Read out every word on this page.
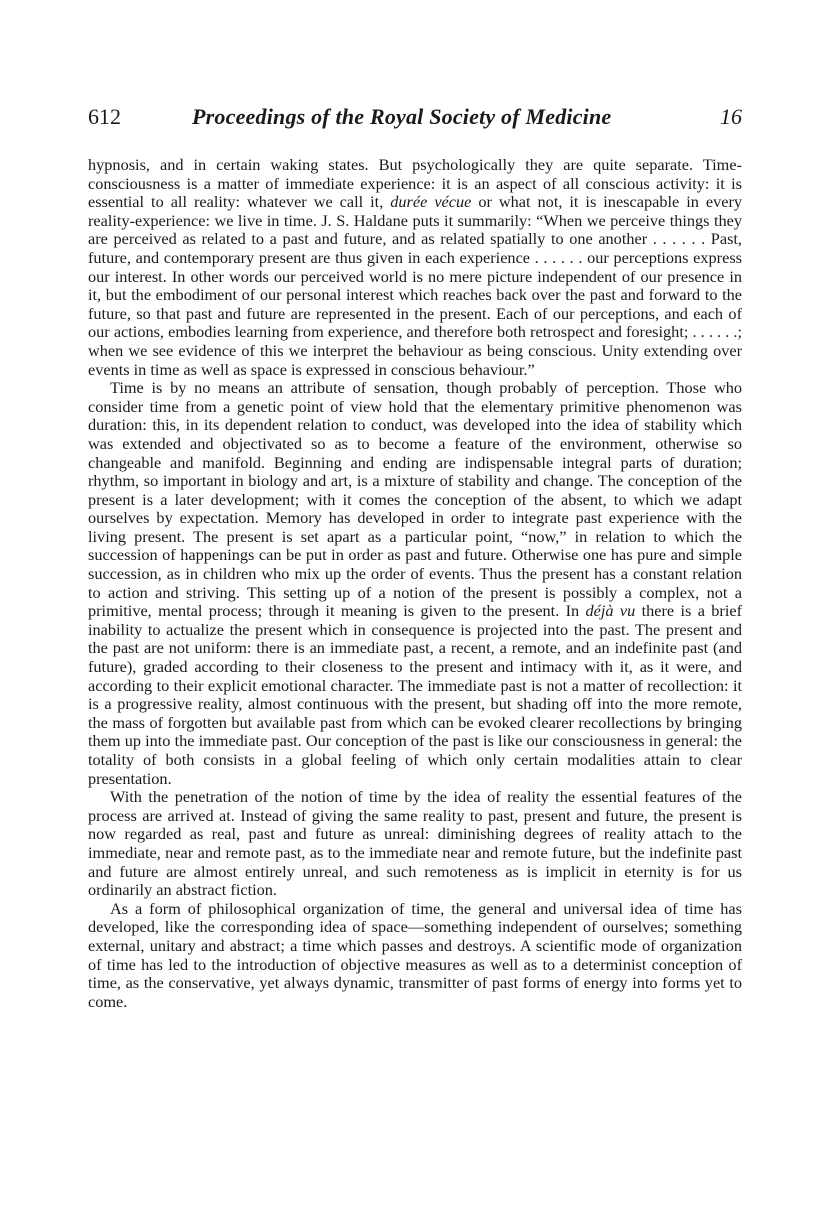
612	Proceedings of the Royal Society of Medicine	16

hypnosis, and in certain waking states. But psychologically they are quite separate. Time-consciousness is a matter of immediate experience: it is an aspect of all conscious activity: it is essential to all reality: whatever we call it, durée vécue or what not, it is inescapable in every reality-experience: we live in time. J. S. Haldane puts it summarily: “When we perceive things they are perceived as related to a past and future, and as related spatially to one another . . . . . . Past, future, and contemporary present are thus given in each experience . . . . . . our perceptions express our interest. In other words our perceived world is no mere picture independent of our presence in it, but the embodiment of our personal interest which reaches back over the past and forward to the future, so that past and future are represented in the present. Each of our perceptions, and each of our actions, embodies learning from experience, and therefore both retrospect and foresight; . . . . . .; when we see evidence of this we interpret the behaviour as being conscious. Unity extending over events in time as well as space is expressed in conscious behaviour.”

Time is by no means an attribute of sensation, though probably of perception. Those who consider time from a genetic point of view hold that the elementary primitive phenomenon was duration: this, in its dependent relation to conduct, was developed into the idea of stability which was extended and objectivated so as to become a feature of the environment, otherwise so changeable and manifold. Beginning and ending are indispensable integral parts of duration; rhythm, so important in biology and art, is a mixture of stability and change. The conception of the present is a later development; with it comes the conception of the absent, to which we adapt ourselves by expectation. Memory has developed in order to integrate past experience with the living present. The present is set apart as a particular point, “now,” in relation to which the succession of happenings can be put in order as past and future. Otherwise one has pure and simple succession, as in children who mix up the order of events. Thus the present has a constant relation to action and striving. This setting up of a notion of the present is possibly a complex, not a primitive, mental process; through it meaning is given to the present. In déjà vu there is a brief inability to actualize the present which in consequence is projected into the past. The present and the past are not uniform: there is an immediate past, a recent, a remote, and an indefinite past (and future), graded according to their closeness to the present and intimacy with it, as it were, and according to their explicit emotional character. The immediate past is not a matter of recollection: it is a progressive reality, almost continuous with the present, but shading off into the more remote, the mass of forgotten but available past from which can be evoked clearer recollections by bringing them up into the immediate past. Our conception of the past is like our consciousness in general: the totality of both consists in a global feeling of which only certain modalities attain to clear presentation.

With the penetration of the notion of time by the idea of reality the essential features of the process are arrived at. Instead of giving the same reality to past, present and future, the present is now regarded as real, past and future as unreal: diminishing degrees of reality attach to the immediate, near and remote past, as to the immediate near and remote future, but the indefinite past and future are almost entirely unreal, and such remoteness as is implicit in eternity is for us ordinarily an abstract fiction.

As a form of philosophical organization of time, the general and universal idea of time has developed, like the corresponding idea of space—something independent of ourselves; something external, unitary and abstract; a time which passes and destroys. A scientific mode of organization of time has led to the introduction of objective measures as well as to a determinist conception of time, as the conservative, yet always dynamic, transmitter of past forms of energy into forms yet to come.
